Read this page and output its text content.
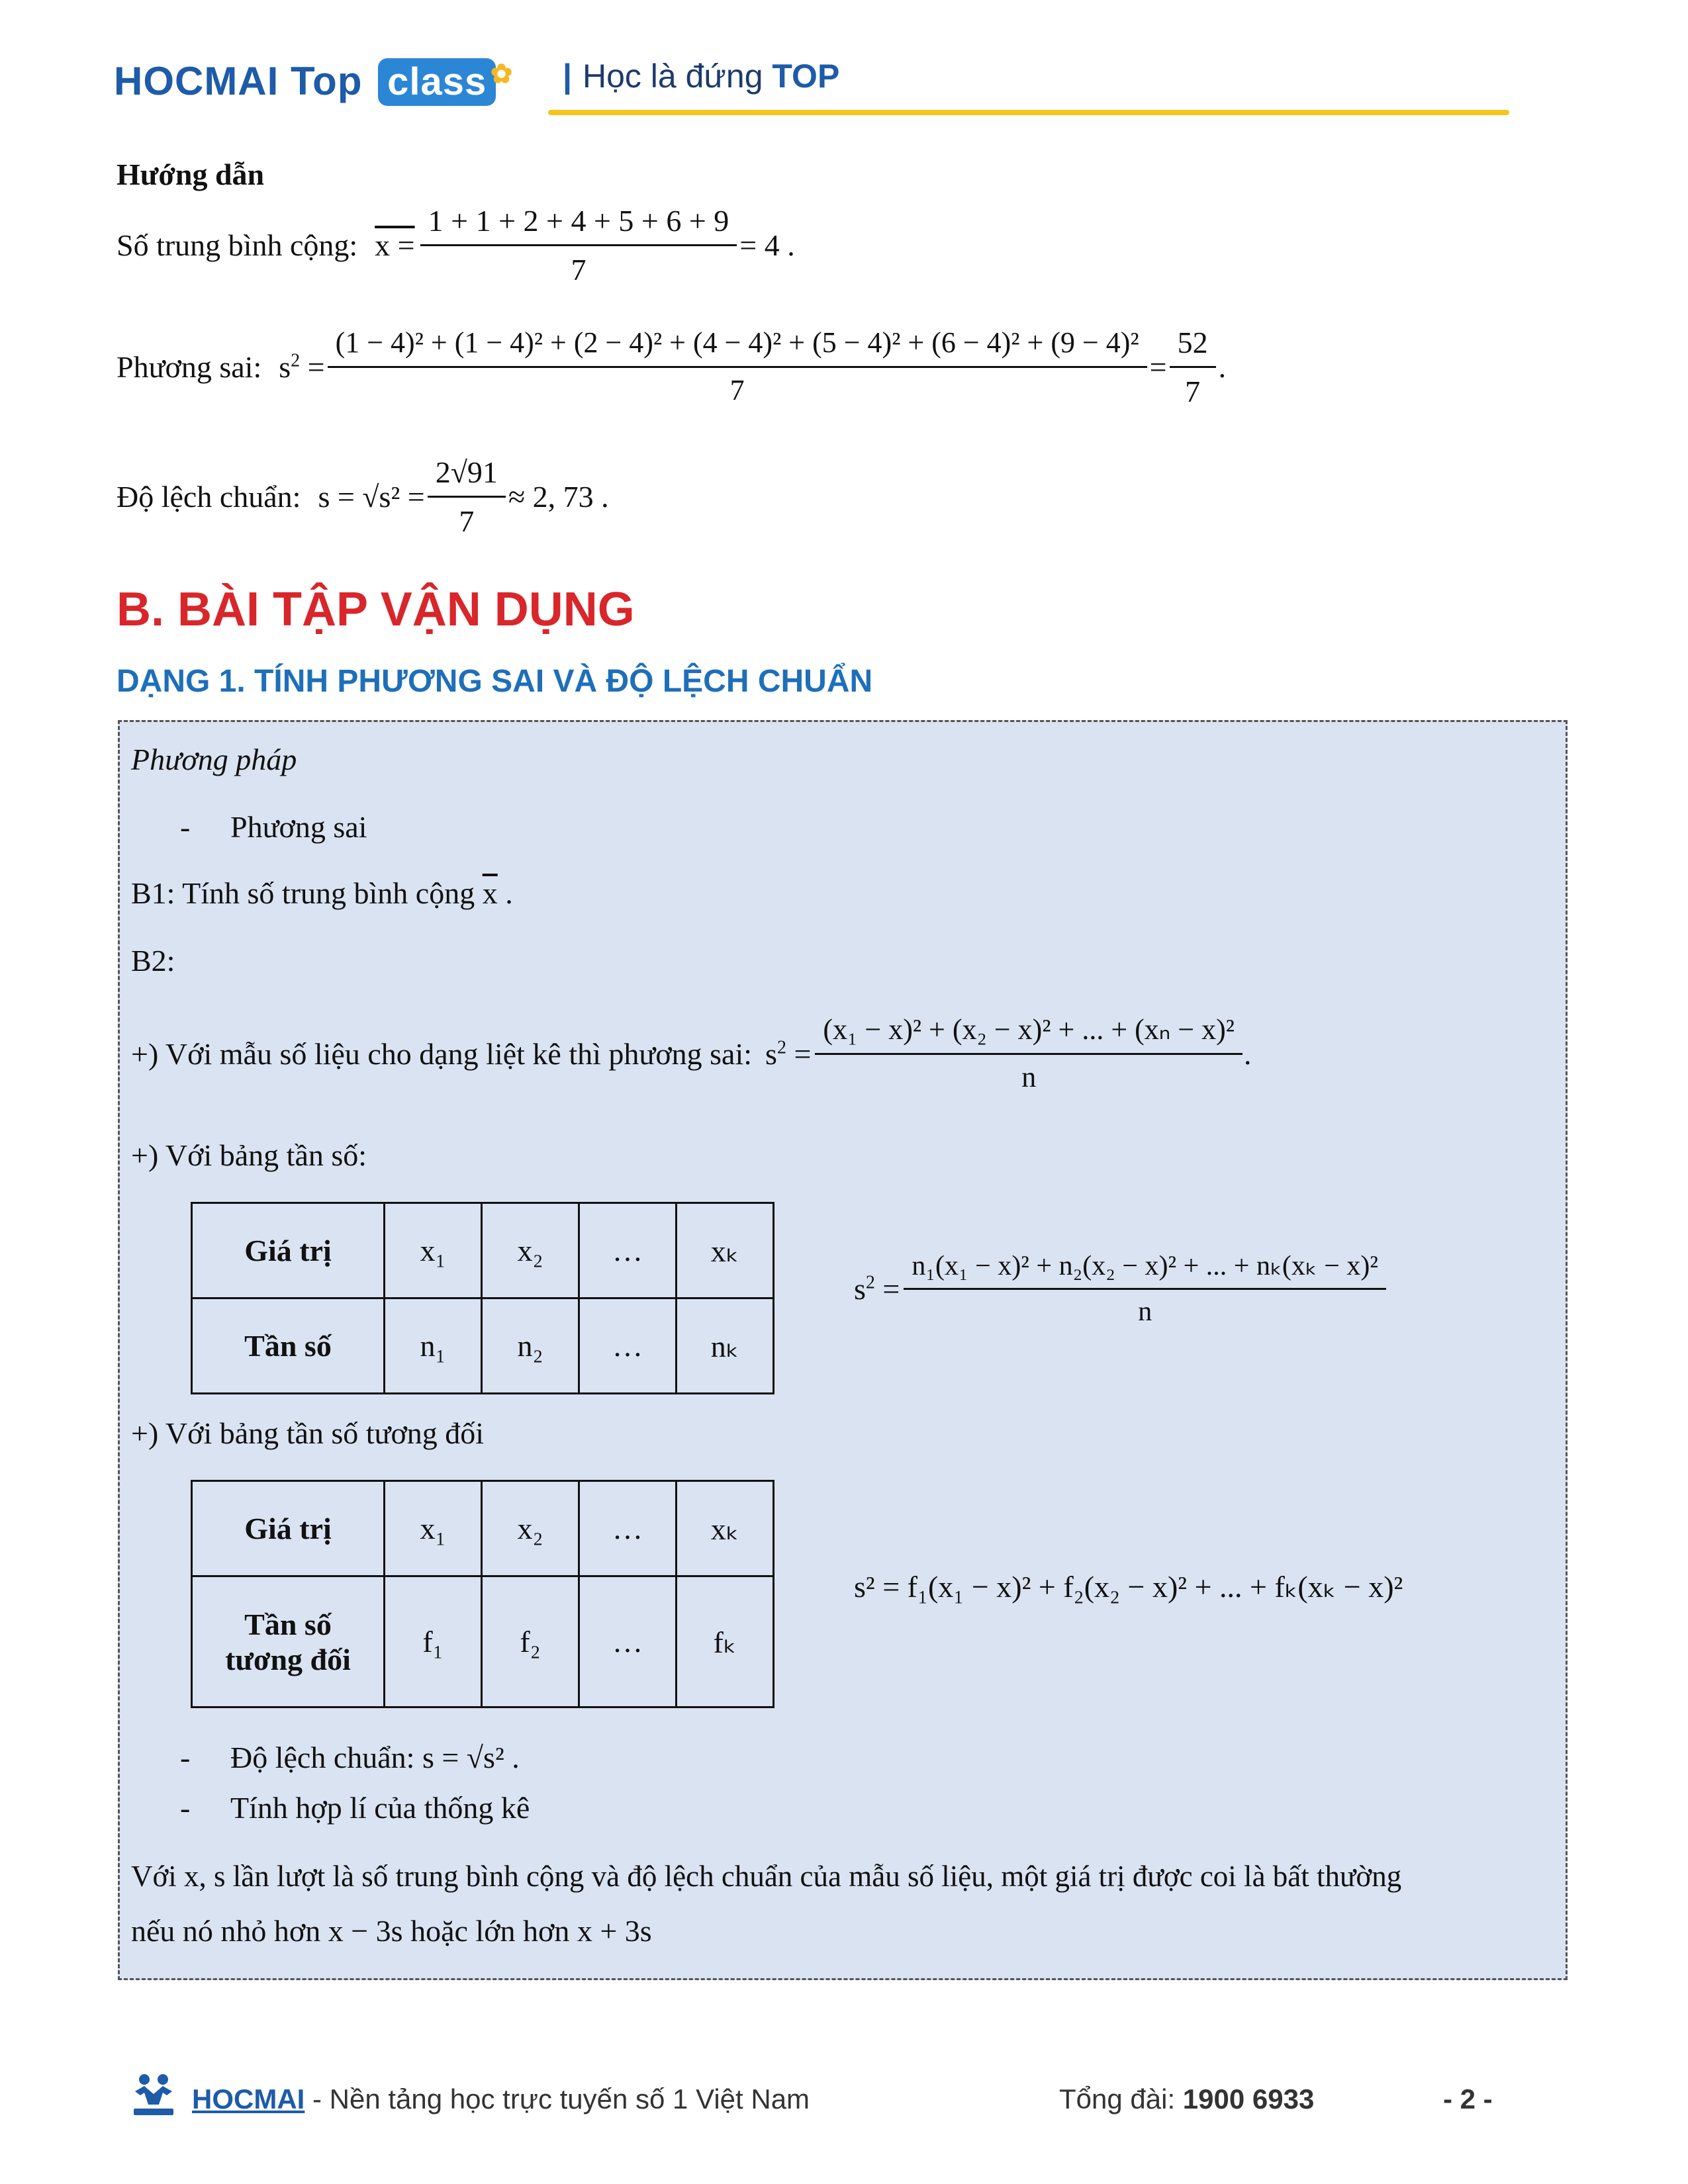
HOCMAI Top class ✿ | Học là đứng TOP
Hướng dẫn
Số trung bình cộng: $x = \frac{1 + 1 + 2 + 4 + 5 + 6 + 9}{7} = 4$ .
Phương sai: $s^2$ =
(1 − 4)² + (1 − 4)² + (2 − 4)² + (4 − 4)² + (5 − 4)² + (6 − 4)² + (9 − 4)²
7
= $\frac{52}{7}$ .
Độ lệch chuẩn: $s = √s^2 = \frac{2√91}{7} \approx 2$, 73 .
B. BÀI TẬP VẬN DỤNG
DẠNG 1. TÍNH PHƯƠNG SAI VÀ ĐỘ LỆCH CHUẨN
Phương pháp
- Phương sai
B1: Tính số trung bình cộng $\overline{x}$ .
B2:
+) Với mẫu số liệu cho dạng liệt kê thì phương sai: $s^2 = \frac{\text{(x₁ − x)² + (x₂ − x)² + ... + (xₙ − x)²}}{n}$ .
+) Với bảng tần số:
Giá trị	x₁	x₂	…	xₖ
Tần số	n₁	n₂	…	nₖ
$s^2 = \frac{\text{n₁(x₁ − x)² + n₂(x₂ − x)² + ... + nₖ(xₖ − x)²}}{n}$
+) Với bảng tần số tương đối
Giá trị	x₁	x₂	…	xₖ
Tần số
tương đối	f₁	f₂	…	fₖ
s² = f₁(x₁ − x)² + f₂(x₂ − x)² + ... + fₖ(xₖ − x)²
- Độ lệch chuẩn: s = √s² .
- Tính hợp lí của thống kê
Với x, s lần lượt là số trung bình cộng và độ lệch chuẩn của mẫu số liệu, một giá trị được coi là bất thường
nếu nó nhỏ hơn x − 3s hoặc lớn hơn x + 3s
HOCMAI - Nền tảng học trực tuyến số 1 Việt Nam	Tổng đài: 1900 6933	- 2 -
